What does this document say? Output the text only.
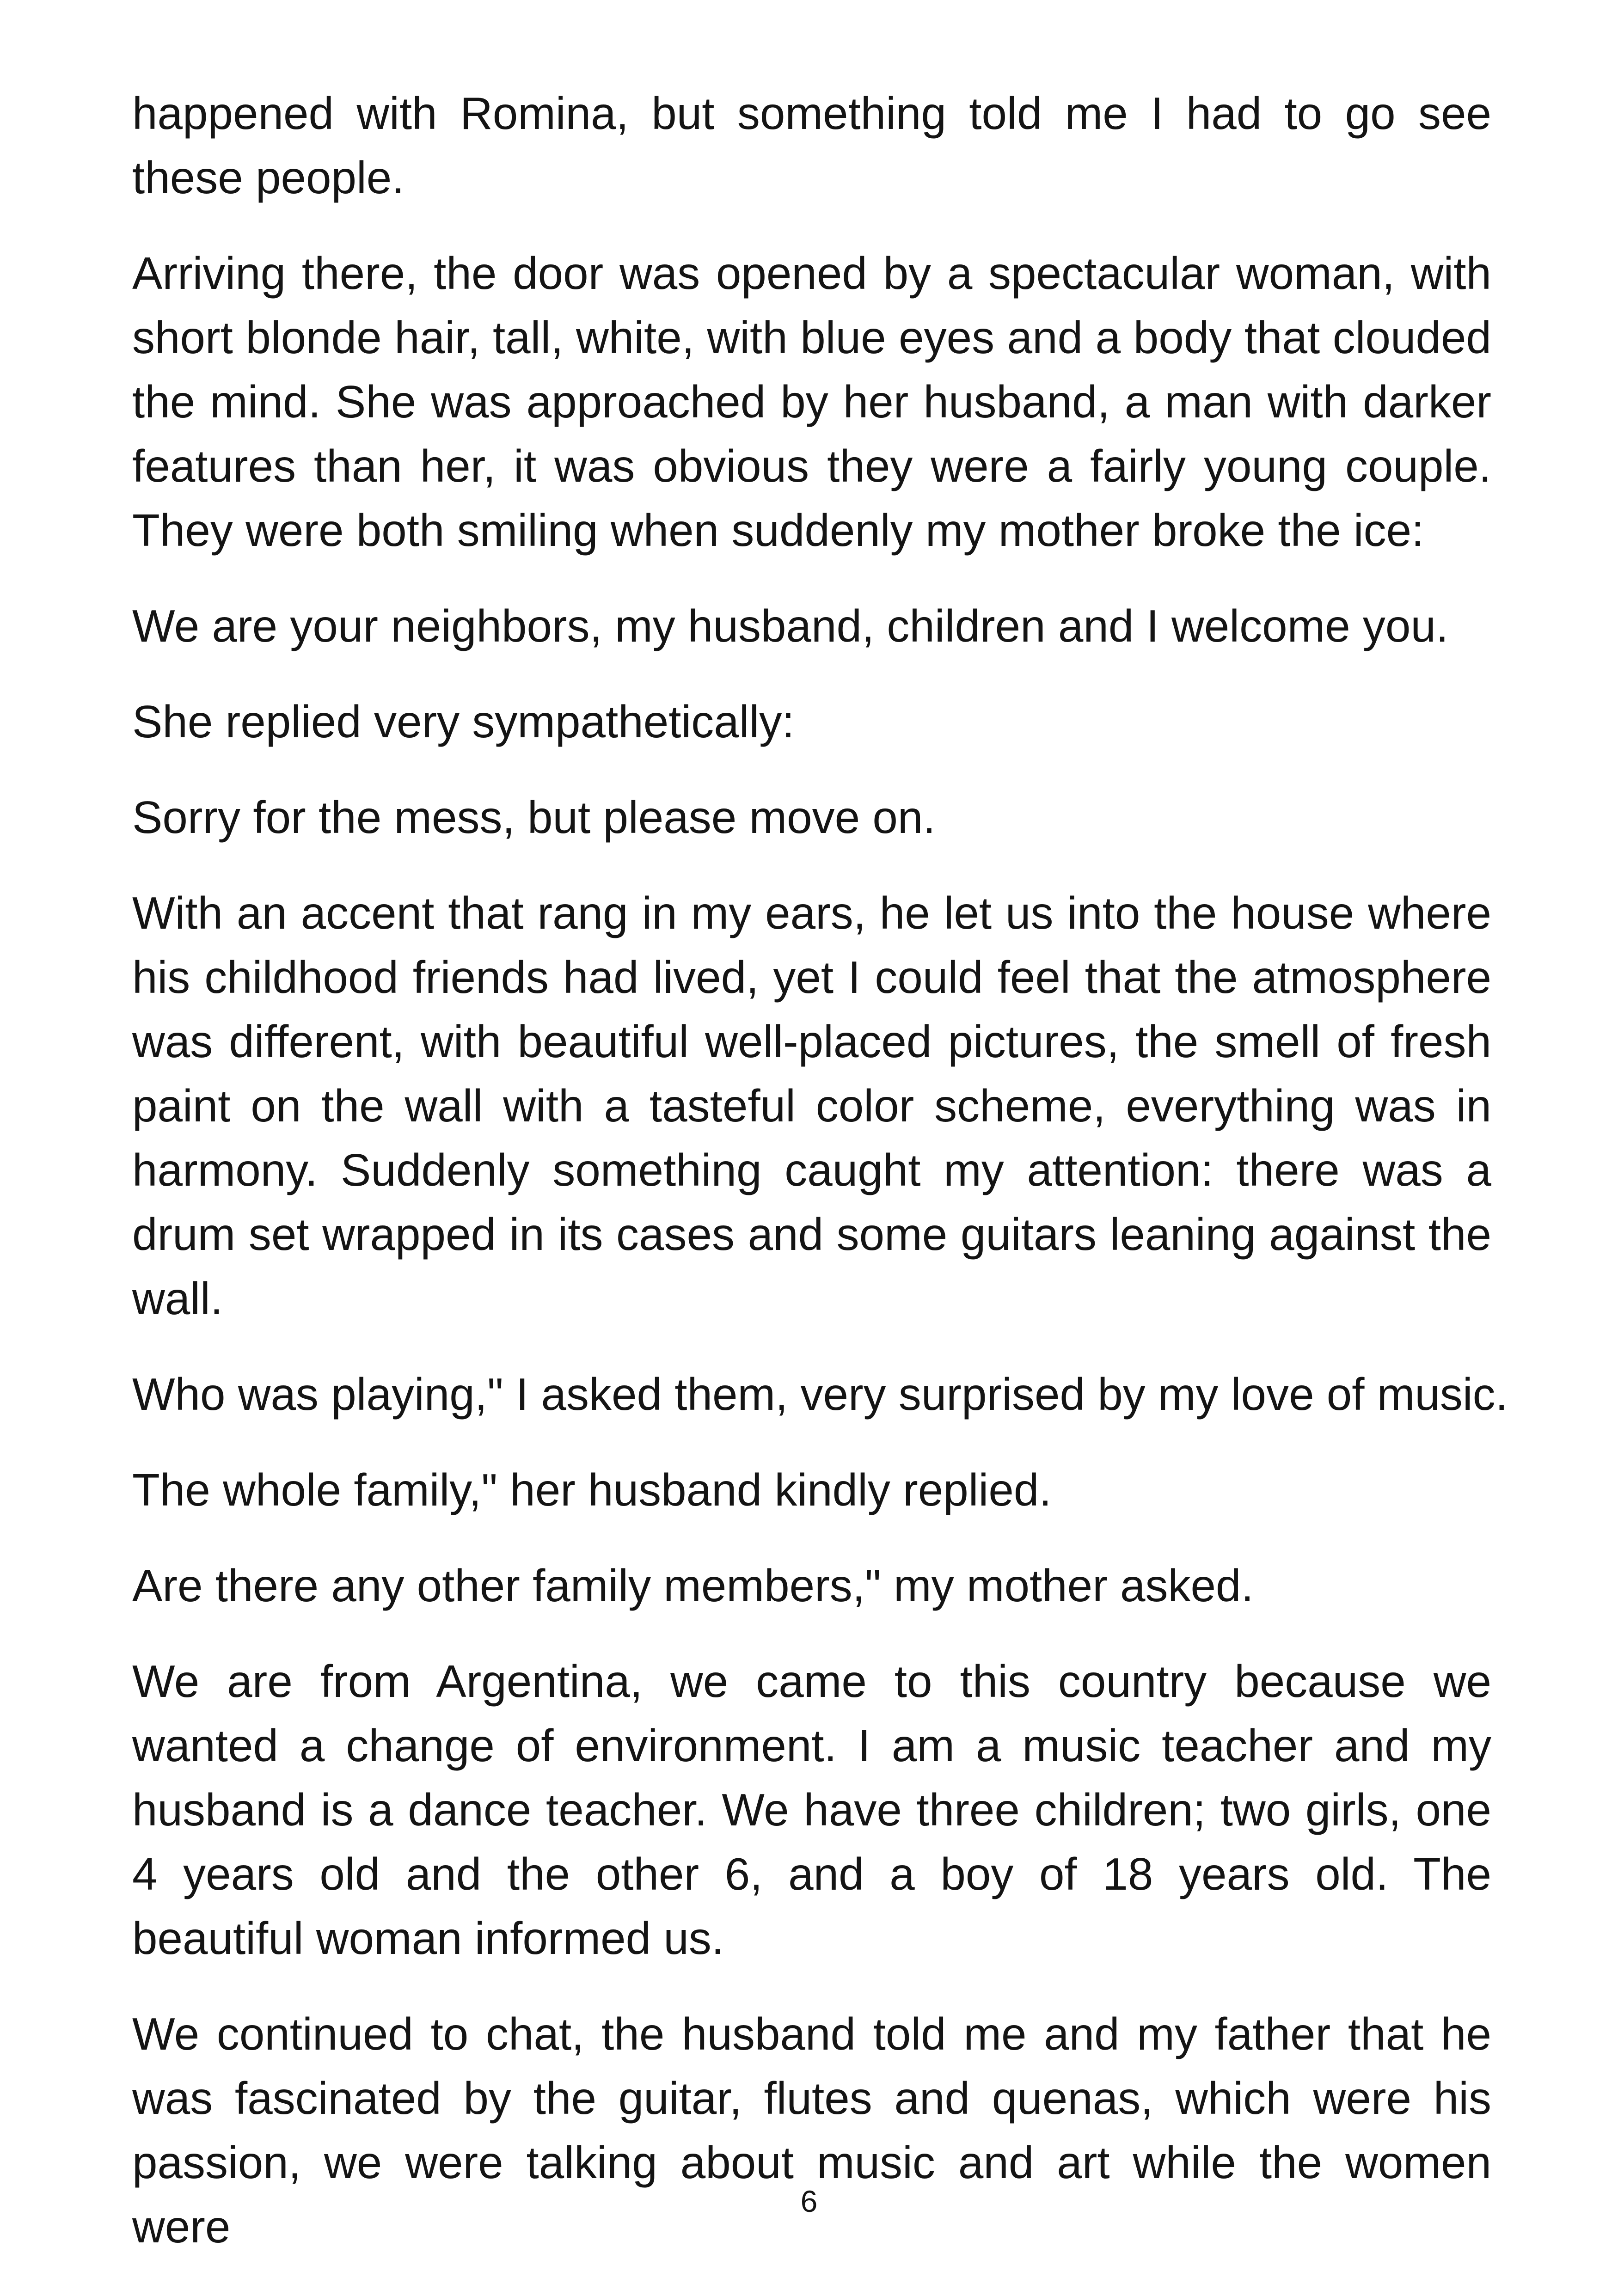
happened with Romina, but something told me I had to go see these people.

Arriving there, the door was opened by a spectacular woman, with short blonde hair, tall, white, with blue eyes and a body that clouded the mind. She was approached by her husband, a man with darker features than her, it was obvious they were a fairly young couple. They were both smiling when suddenly my mother broke the ice:

We are your neighbors, my husband, children and I welcome you.

She replied very sympathetically:

Sorry for the mess, but please move on.

With an accent that rang in my ears, he let us into the house where his childhood friends had lived, yet I could feel that the atmosphere was different, with beautiful well-placed pictures, the smell of fresh paint on the wall with a tasteful color scheme, everything was in harmony. Suddenly something caught my attention: there was a drum set wrapped in its cases and some guitars leaning against the wall.

Who was playing," I asked them, very surprised by my love of music.

The whole family," her husband kindly replied.

Are there any other family members," my mother asked.

We are from Argentina, we came to this country because we wanted a change of environment. I am a music teacher and my husband is a dance teacher. We have three children; two girls, one 4 years old and the other 6, and a boy of 18 years old. The beautiful woman informed us.

We continued to chat, the husband told me and my father that he was fascinated by the guitar, flutes and quenas, which were his passion, we were talking about music and art while the women were	6
